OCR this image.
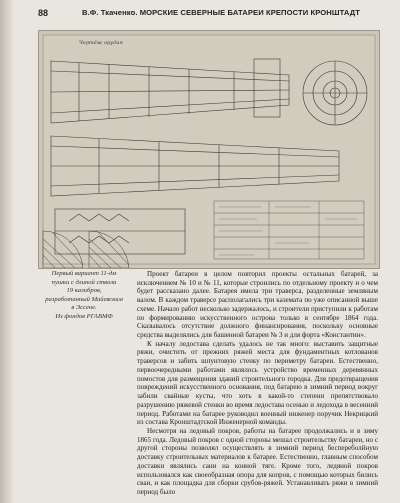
88	В.Ф. Ткаченко. МОРСКИЕ СЕВЕРНЫЕ БАТАРЕИ КРЕПОСТИ КРОНШТАДТ
Чертёж орудия
Первый вариант 11-дм
пушки с длиной ствола
19 калибров,
разработанный Майевским
в Эссене.
Из фондов РГАВМФ

Проект батареи в целом повторил проекты остальных батарей, за исключением № 10 и № 11, которые строились по отдельному проекту и о чем будет рассказано далее. Батарея имела три траверса, разделенные земляным валом. В каждом траверсе располагались три каземата по уже описанной выше схеме. Начало работ несколько задержалось, и строители приступили к работам по формированию искусственного острова только в сентябре 1864 года. Сказывалось отсутствие должного финансирования, поскольку основные средства выделялись для башенной батареи № 3 и для форта «Константин».

К началу ледостава сделать удалось не так много: выставить защитные ряжи, очистить от прежних ряжей места для фундаментных котлованов траверсов и забить шпунтовую стенку по периметру батареи. Естественно, первоочередными работами являлось устройство временных деревянных помостов для размещения зданий строительного городка. Для предотвращения повреждений искусственного основания, под батарею в зимний период вокруг забили свайные кусты, что хоть в какой-то степени препятствовало разрушению ряжевой стенки во время ледостава осенью и ледохода в весенний период. Работами на батарее руководил военный инженер поручик Некрицкий из состава Кронштадтской Инженерной команды.

Несмотря на ледовый покров, работы на батарее продолжались и в зиму 1865 года. Ледовый покров с одной стороны мешал строительству батареи, но с другой стороны позволял осуществлять в зимний период беспереболйную доставку строительных материалов к батарее. Естественно, главным способом доставки являлись сани на конной тяге. Кроме того, ледяной покров использовался как своеобразная опора для копров, с помощью которых бились сваи, и как площадка для сборки срубов-ряжей. Устанавливать ряжи в зимний период было
